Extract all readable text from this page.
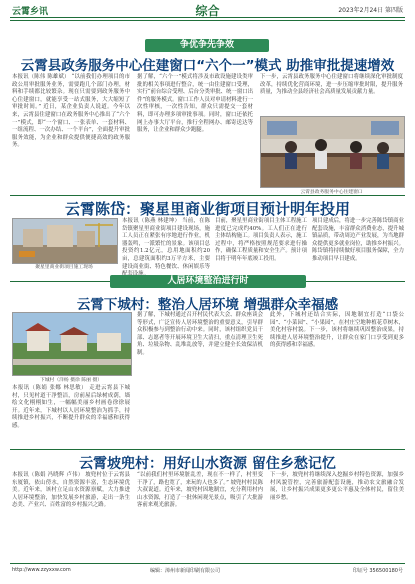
云霄乡讯	综合	2023年2月24日 第四版
争优争先争效
云霄县政务服务中心住建窗口“六个一”模式 助推审批提速增效
本报讯（陈伟 陈雄斌） “以前我们办理项目的市政公用审批服务业务，需要跑几个部门办理，材料和手续都比较繁杂。现在只需要到政务服务中心住建窗口，就能享受一站式服务，大大缩短了审批时间。” 近日，某企业负责人说道。今年以来，云霄县住建窗口在政务服务中心推出了“六个一”模式，即“一个窗口、一张表单、一套材料、一组流程、一次办结、一个平台”，全面提升审批服务效能，为企业和群众提供便捷高效的政务服务。
据了解，“六个一”模式将涉及市政设施建设类审批的相关事项进行整合，统一由住建窗口受理，实行“前台综合受理、后台分类审批、统一窗口出件”的服务模式。窗口工作人员对申请材料进行一次性审核，一次性告知，群众只需提交一套材料，即可办理多项审批事项。同时，窗口还依托网上办事大厅平台，推行全程网办、邮寄送达等服务，让企业和群众少跑腿。
下一步，云霄县政务服务中心住建窗口将继续深化审批制度改革，持续优化营商环境，进一步压缩审批时限，提升服务质量，为推动全县经济社会高质量发展贡献力量。
云霄县政务服务中心住建窗口
云霄陈岱：聚星里商业街项目预计明年投用
聚星里商业街项目施工现场
本报讯（陈燕 林建坤） 当前，在陈岱镇聚星里商业街项目建设现场，施工人员正在紧张有序地进行作业，机器轰鸣，一派繁忙的景象。该项目总投资约1.2亿元，总用地面积约20亩，总建筑面积约3万平方米，主要建设商业街、特色餐饮、休闲娱乐等
目前，聚星里商业街项目主体工程施工进度已完成约40%。工人们正在进行主体结构施工。项目负责人表示，施工过程中，将严格按照规范要求进行操作，确保工程质量和安全生产。预计项目将于明年年底竣工投用。
项目建成后，将进一步完善陈岱镇商业配套设施，丰富群众消费业态，提升城镇品质，带动周边产业发展，为当地群众提供更多就业岗位，助推乡村振兴。陈岱镇将持续做好项目服务保障，全力推动项目早日建成。
人居环境整治进行时
云霄下城村：整治人居环境 增强群众幸福感
下城村（洋杨 摄徐 陈丽 摄）
本报讯（陈娟 张娜 林思敏） 走进云霄县下城村，只见村道干净整洁，房前屋后绿树成荫，墙绘文化栩栩如生，一幅幅美丽乡村画卷徐徐展开。近年来，下城村以人居环境整治为抓手，持续推进乡村振兴，不断提升群众的幸福感和获得感。
据了解，下城村通过召开村民代表大会、群众座谈会等形式，广泛宣传人居环境整治的重要意义，引导群众积极参与到整治行动中来。同时，该村组织党员干部、志愿者等开展环境卫生大清扫，重点清理卫生死角、垃圾杂物、乱堆乱放等，并建立健全长效保洁机制。
此外，下城村还结合实际，因地制宜打造“口袋公园”、“小菜园”、“小果园”，在村庄空地种植花草树木，美化村容村貌。下一步，该村将继续巩固整治成果，持续推进人居环境整治提升，让群众在家门口享受到更多的获得感和幸福感。
云霄坡兜村：用好山水资源 留住乡愁记忆
本报讯（陈娟 冯晓辉 卢伟） 坡兜村位于云霄县东厦镇，依山傍水，自然资源丰富，生态环境优美。近年来，该村立足山水资源禀赋，大力推进人居环境整治，加快发展乡村旅游，走出一条生态美、产业兴、百姓富的乡村振兴之路。
“以前我们村里环境脏乱差，现在不一样了，村里变干净了，路也宽了，来玩的人也多了。” 坡兜村村民陈大叔说道。近年来，坡兜村因地制宜，充分利用村内山水资源，打造了一批休闲观光景点，吸引了大批游客前来观光旅游。
下一步，坡兜村将继续深入挖掘乡村特色资源，加强乡村风貌管控，完善旅游配套设施，推动农文旅融合发展，让乡村振兴成果更多更公平惠及全体村民，留住美丽乡愁。
http://www.zzyxxw.com	编辑：漳州市新闻印刷有限公司	印证号 356500180号
